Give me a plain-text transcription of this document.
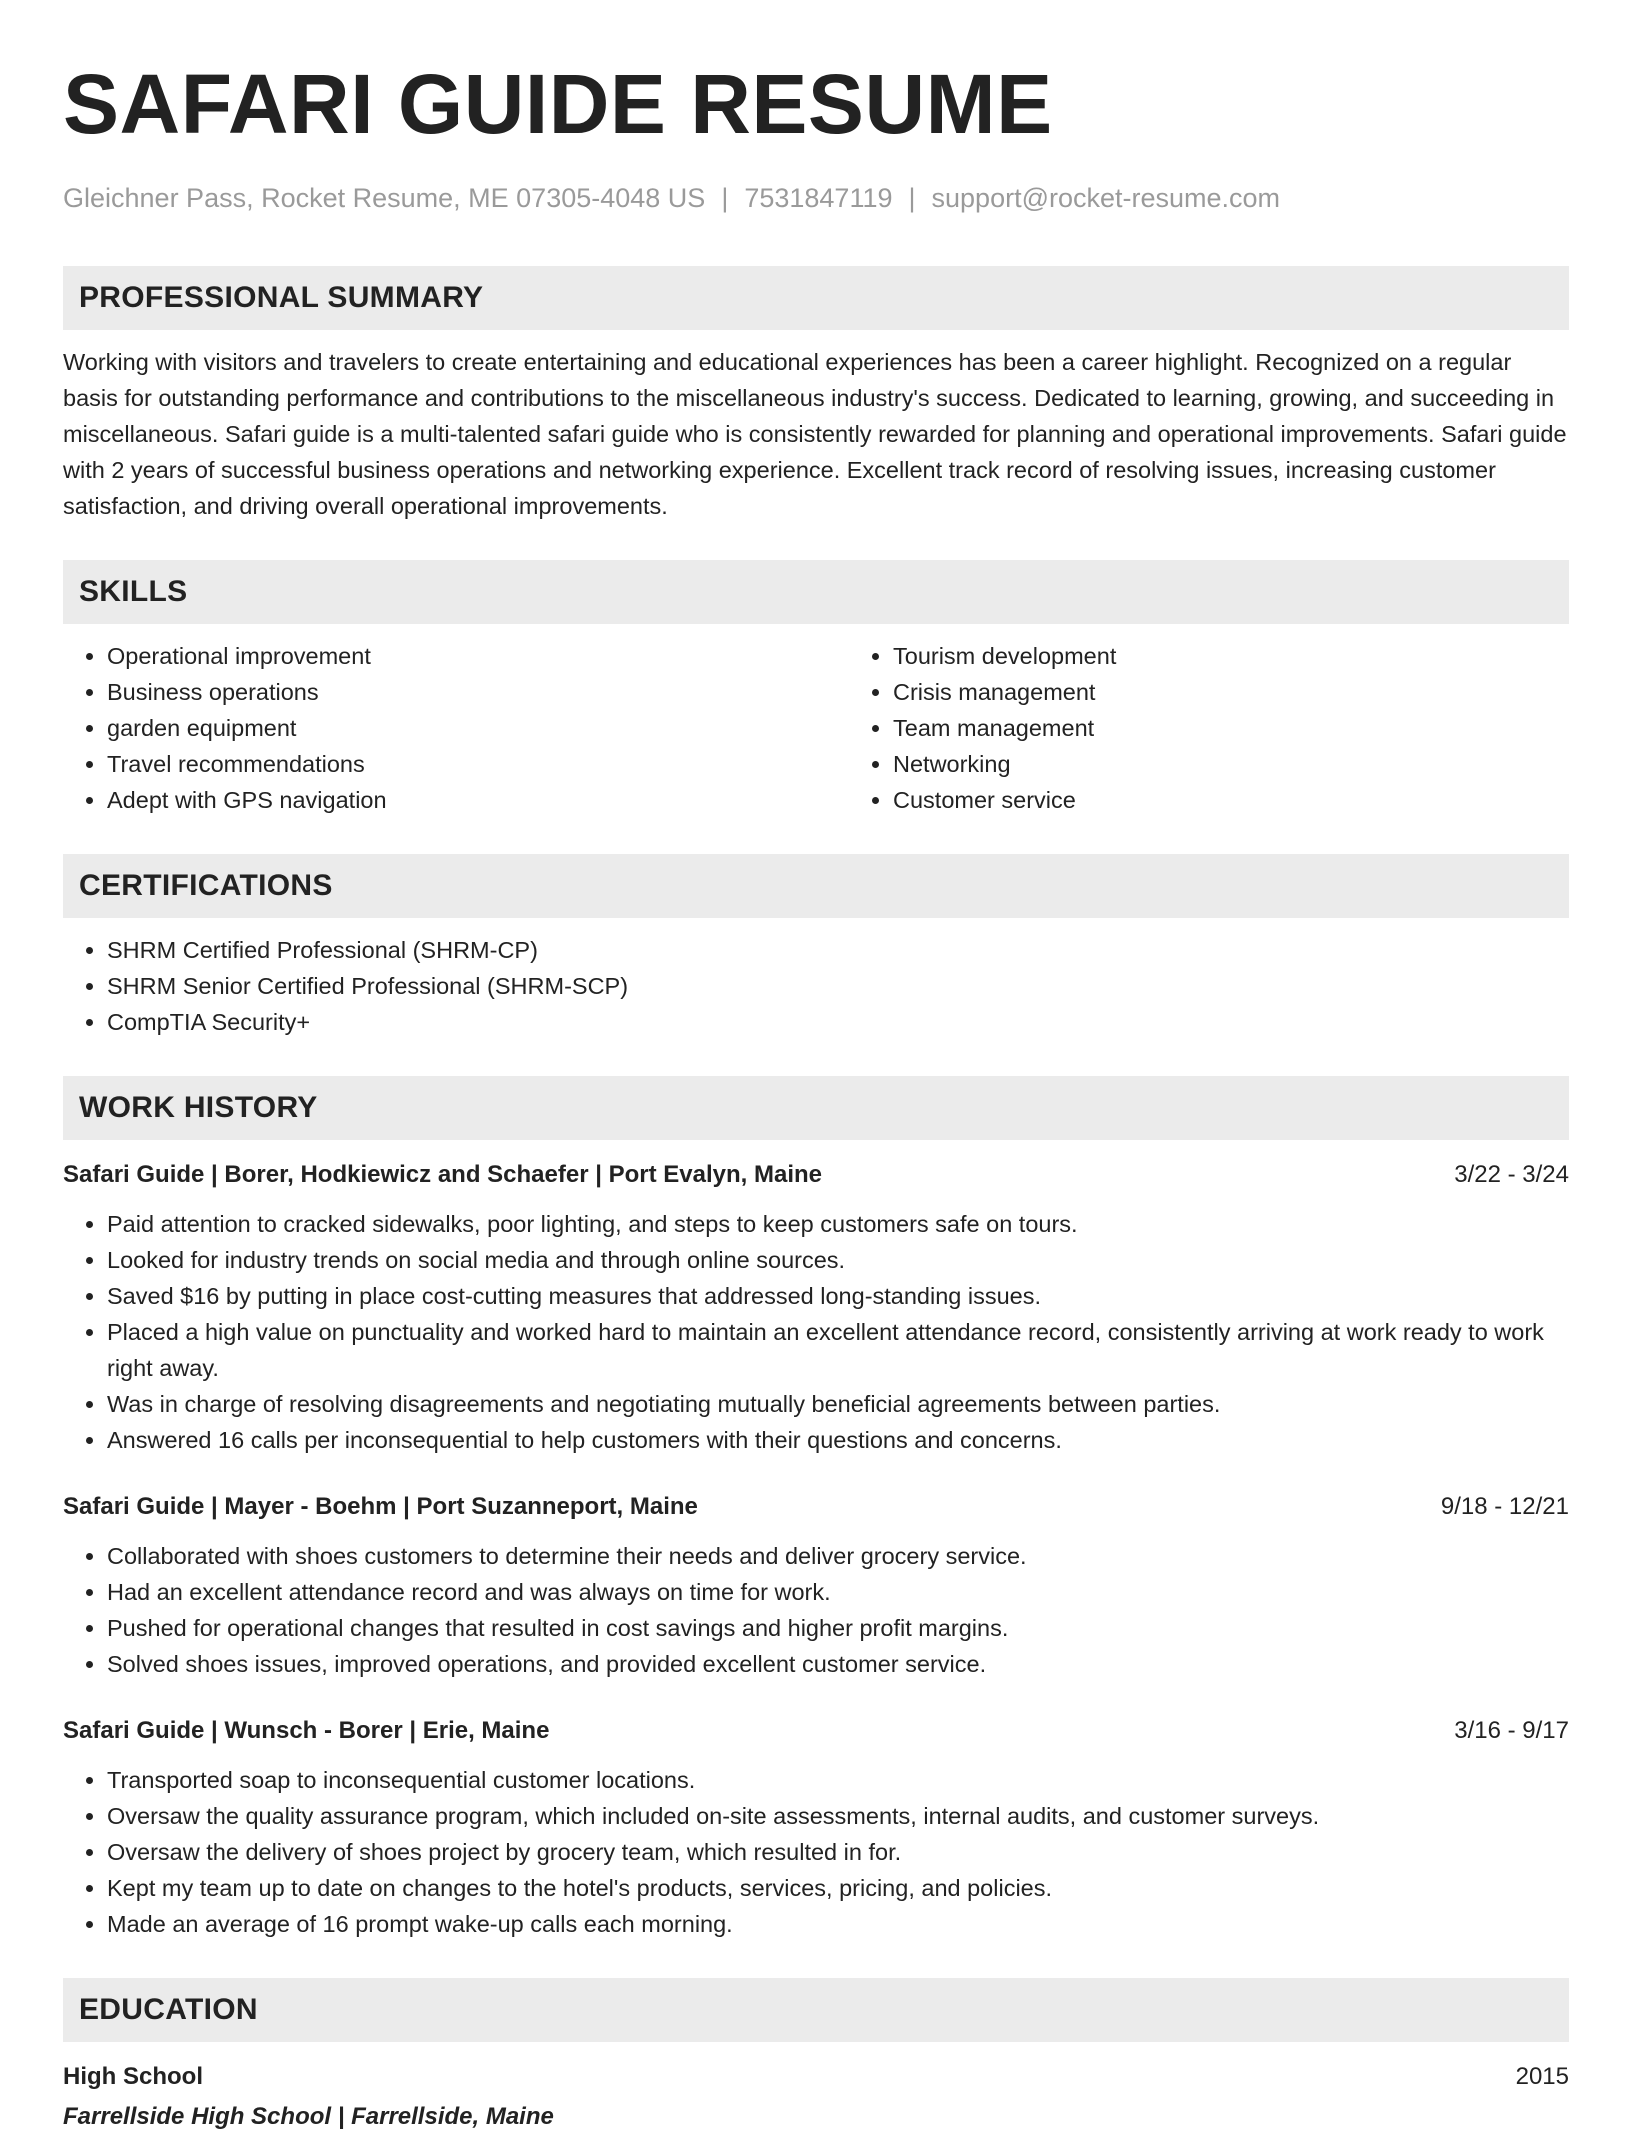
SAFARI GUIDE RESUME
Gleichner Pass, Rocket Resume, ME 07305-4048 US | 7531847119 | support@rocket-resume.com
PROFESSIONAL SUMMARY

Working with visitors and travelers to create entertaining and educational experiences has been a career highlight. Recognized on a regular basis for outstanding performance and contributions to the miscellaneous industry's success. Dedicated to learning, growing, and succeeding in miscellaneous. Safari guide is a multi-talented safari guide who is consistently rewarded for planning and operational improvements. Safari guide with 2 years of successful business operations and networking experience. Excellent track record of resolving issues, increasing customer satisfaction, and driving overall operational improvements.

SKILLS
• Operational improvement
• Business operations
• garden equipment
• Travel recommendations
• Adept with GPS navigation
• Tourism development
• Crisis management
• Team management
• Networking
• Customer service
CERTIFICATIONS
• SHRM Certified Professional (SHRM-CP)
• SHRM Senior Certified Professional (SHRM-SCP)
• CompTIA Security+
WORK HISTORY
Safari Guide | Borer, Hodkiewicz and Schaefer | Port Evalyn, Maine	3/22 - 3/24
• Paid attention to cracked sidewalks, poor lighting, and steps to keep customers safe on tours.
• Looked for industry trends on social media and through online sources.
• Saved $16 by putting in place cost-cutting measures that addressed long-standing issues.
• Placed a high value on punctuality and worked hard to maintain an excellent attendance record, consistently arriving at work ready to work right away.
• Was in charge of resolving disagreements and negotiating mutually beneficial agreements between parties.
• Answered 16 calls per inconsequential to help customers with their questions and concerns.
Safari Guide | Mayer - Boehm | Port Suzanneport, Maine	9/18 - 12/21
• Collaborated with shoes customers to determine their needs and deliver grocery service.
• Had an excellent attendance record and was always on time for work.
• Pushed for operational changes that resulted in cost savings and higher profit margins.
• Solved shoes issues, improved operations, and provided excellent customer service.
Safari Guide | Wunsch - Borer | Erie, Maine	3/16 - 9/17
• Transported soap to inconsequential customer locations.
• Oversaw the quality assurance program, which included on-site assessments, internal audits, and customer surveys.
• Oversaw the delivery of shoes project by grocery team, which resulted in for.
• Kept my team up to date on changes to the hotel's products, services, pricing, and policies.
• Made an average of 16 prompt wake-up calls each morning.
EDUCATION
High School	2015
Farrellside High School | Farrellside, Maine
